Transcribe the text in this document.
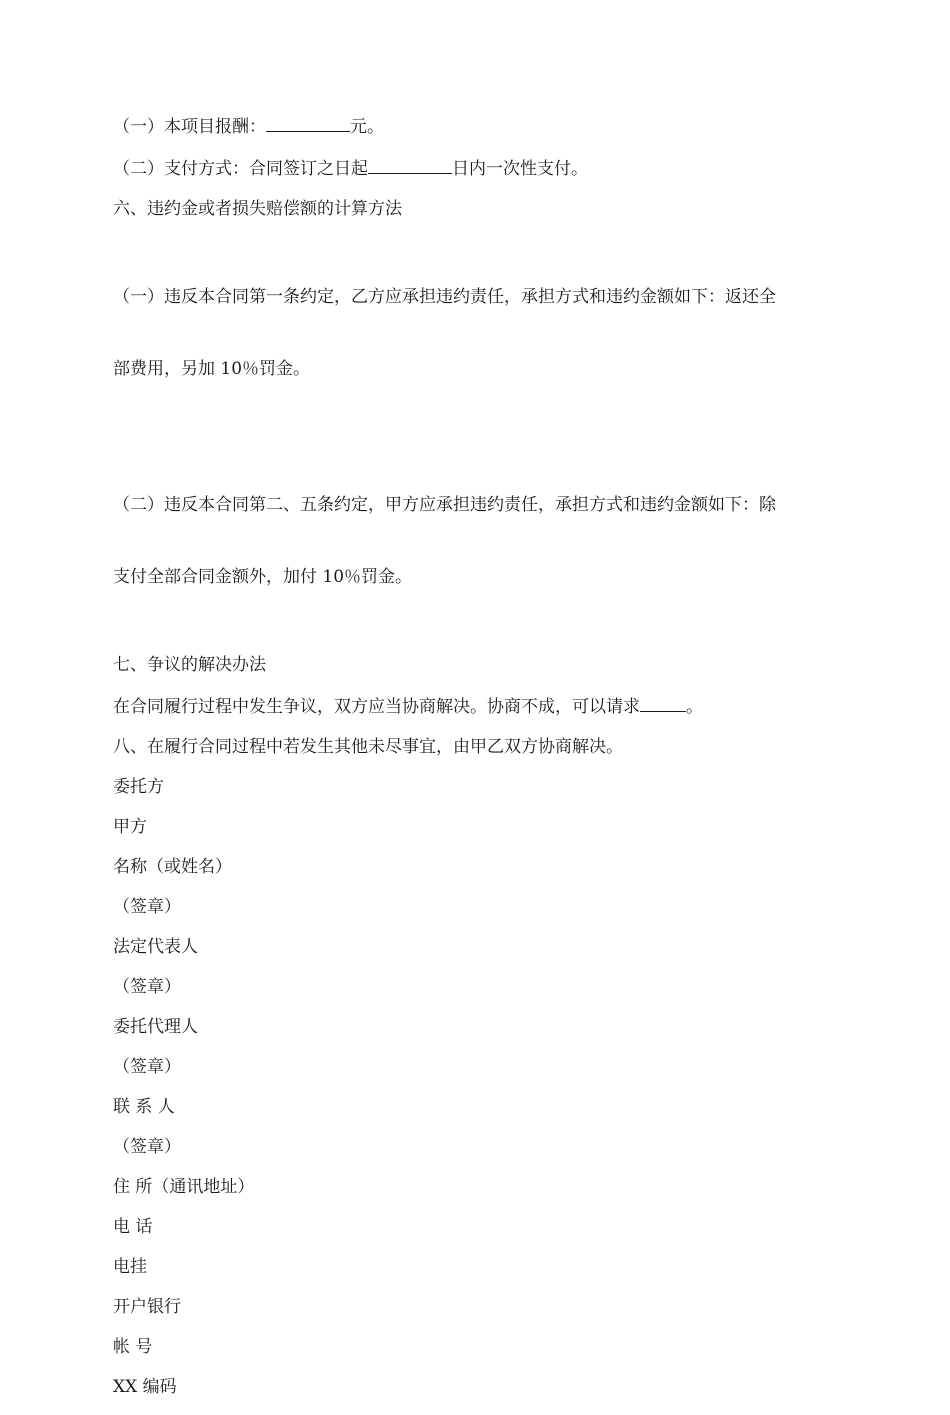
（一）本项目报酬：	元。

（二）支付方式：合同签订之日起	日内一次性支付。

六、违约金或者损失赔偿额的计算方法

（一）违反本合同第一条约定，乙方应承担违约责任，承担方式和违约金额如下：返还全

部费用，另加 10％罚金。

（二）违反本合同第二、五条约定，甲方应承担违约责任，承担方式和违约金额如下：除

支付全部合同金额外，加付 10％罚金。

七、争议的解决办法

在合同履行过程中发生争议，双方应当协商解决。协商不成，可以请求	。

八、在履行合同过程中若发生其他未尽事宜，由甲乙双方协商解决。

委托方

甲方

名称（或姓名）

（签章）

法定代表人

（签章）

委托代理人

（签章）

联 系 人

（签章）

住 所（通讯地址）

电 话

电挂

开户银行

帐 号

XX 编码
